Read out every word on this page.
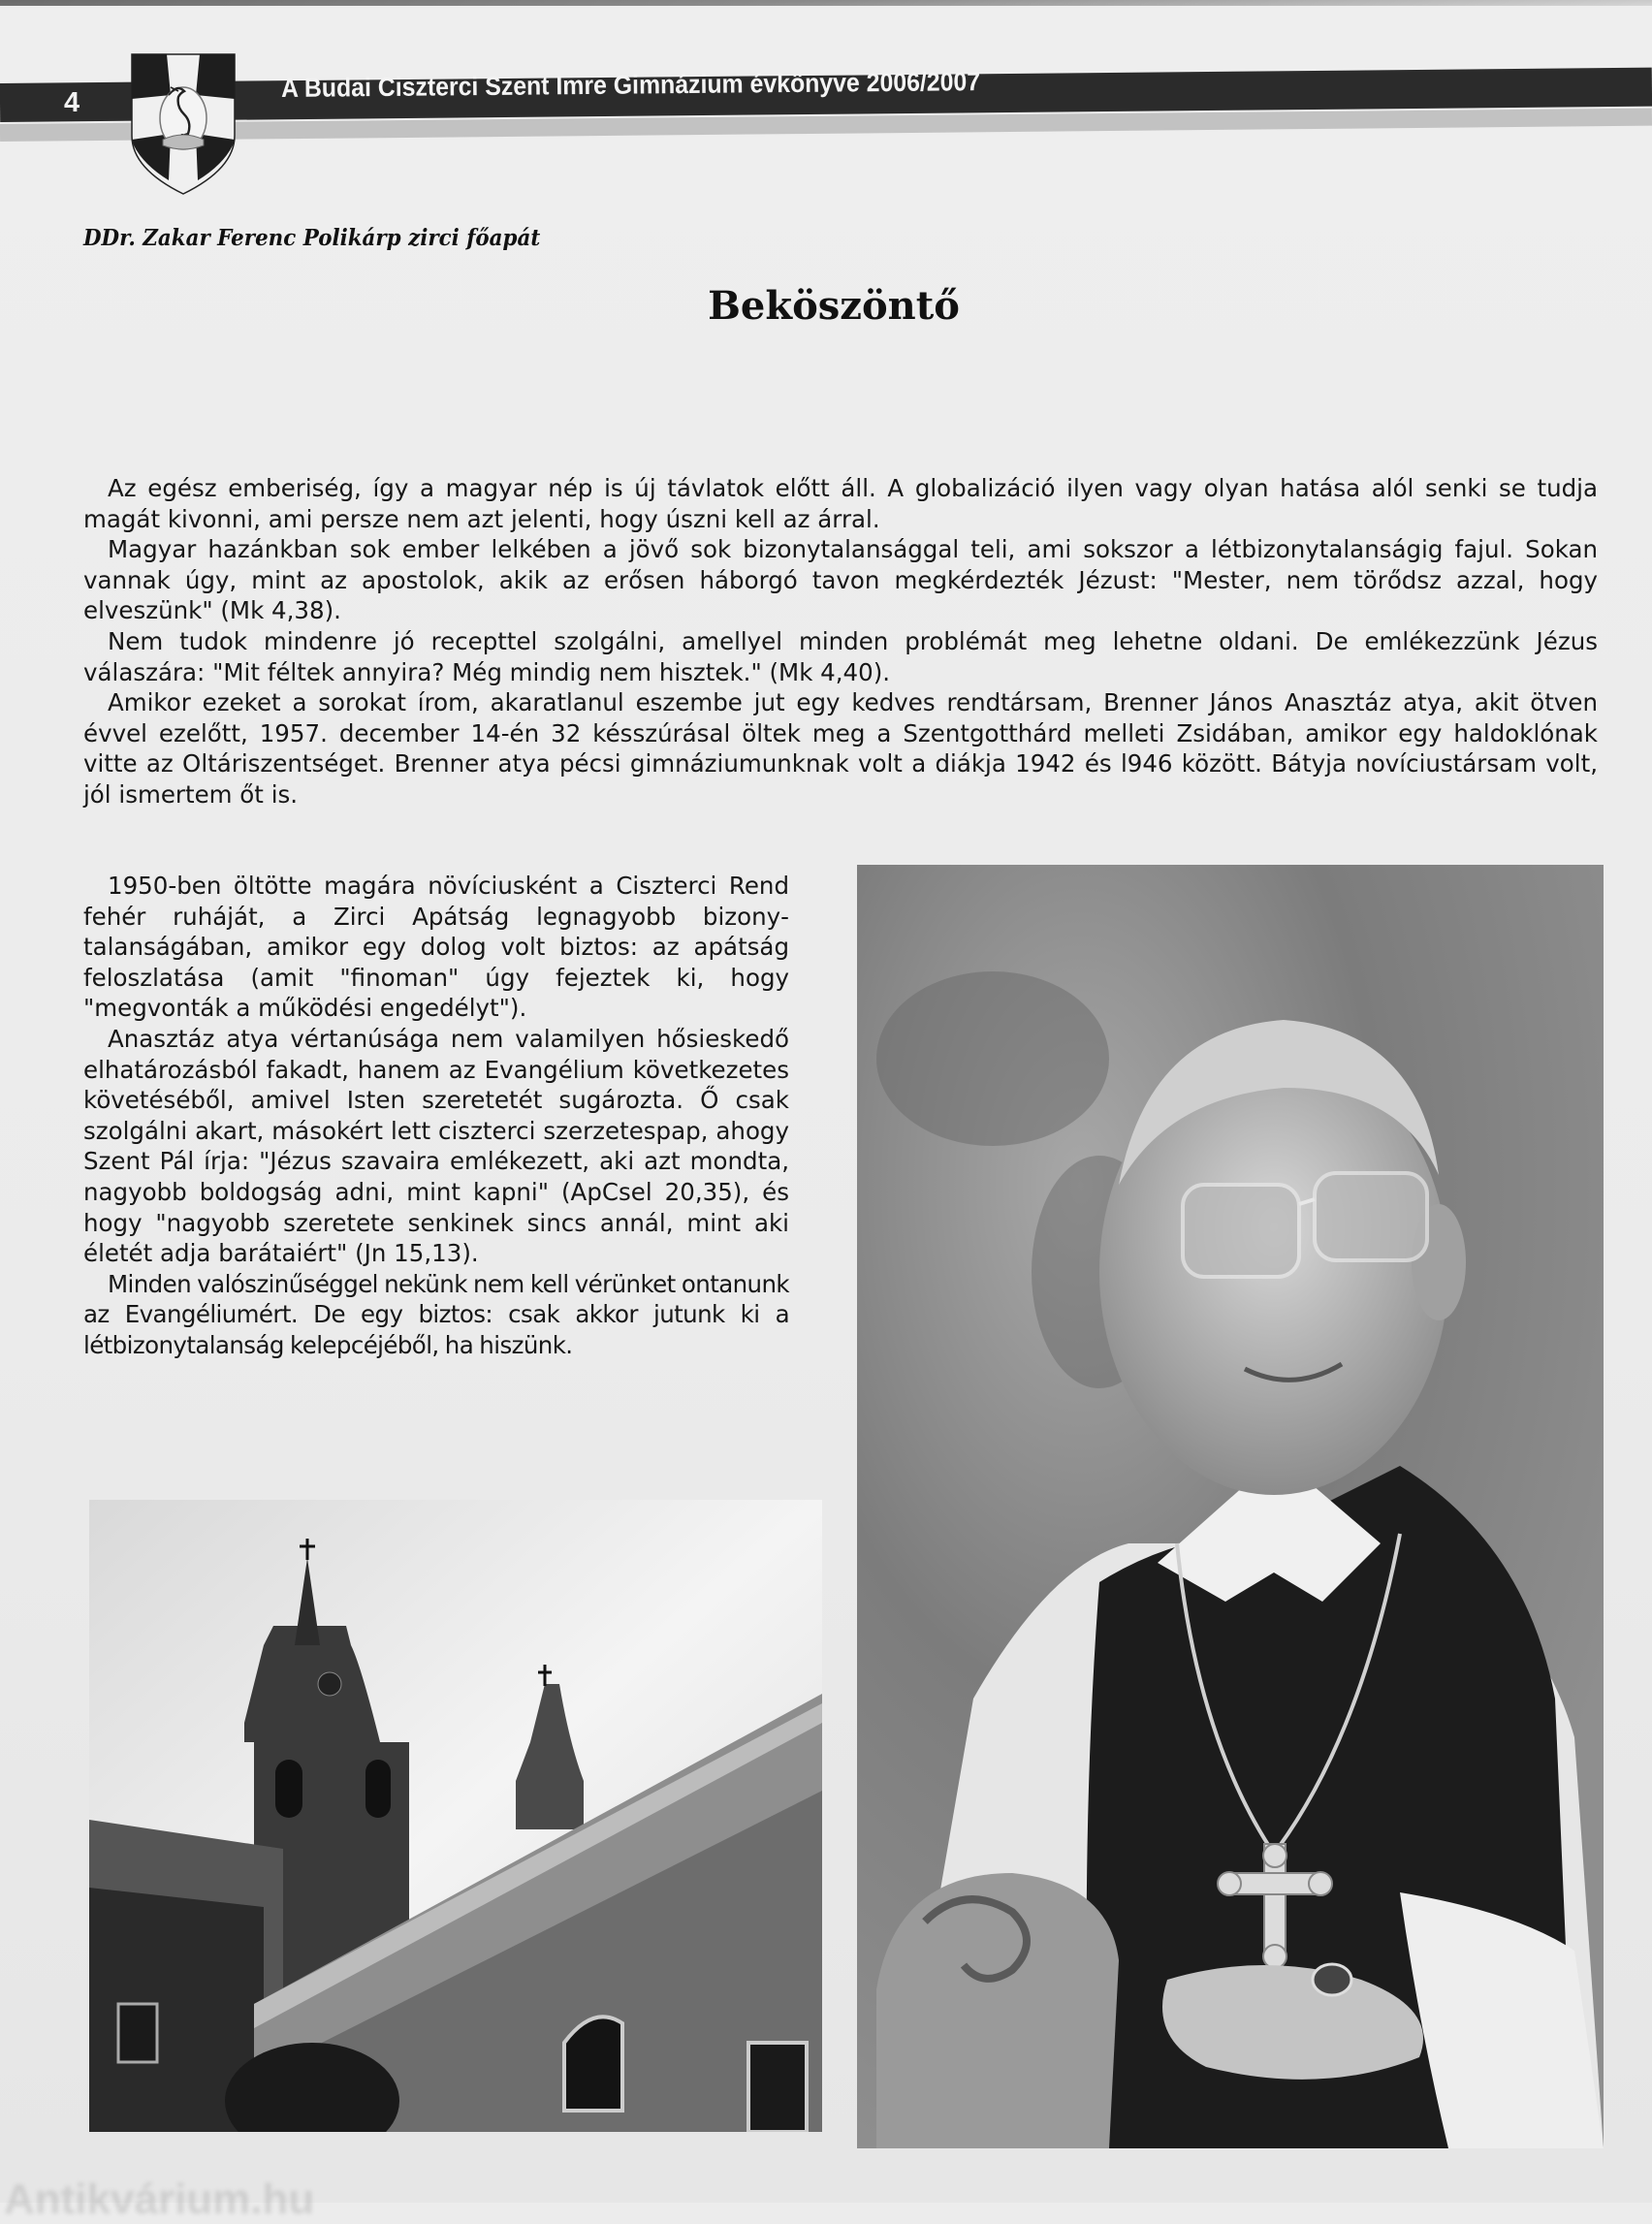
4
A Budai Ciszterci Szent Imre Gimnázium évkönyve 2006/2007
DDr. Zakar Ferenc Polikárp zirci főapát
Beköszöntő

Az egész emberiség, így a magyar nép is új távlatok előtt áll. A globalizáció ilyen vagy olyan hatása alól senki se tudja magát kivonni, ami persze nem azt jelenti, hogy úszni kell az árral.

Magyar hazánkban sok ember lelkében a jövő sok bizonytalansággal teli, ami sokszor a létbizonytalanságig fajul. Sokan vannak úgy, mint az apostolok, akik az erősen háborgó tavon megkérdezték Jézust: "Mester, nem törődsz azzal, hogy elveszünk" (Mk 4,38).

Nem tudok mindenre jó recepttel szolgálni, amellyel minden problémát meg lehetne oldani. De emlékezzünk Jézus válaszára: "Mit féltek annyira? Még mindig nem hisztek." (Mk 4,40).

Amikor ezeket a sorokat írom, akaratlanul eszembe jut egy kedves rendtársam, Brenner János Anasztáz atya, akit ötven évvel ezelőtt, 1957. december 14-én 32 késszúrásal öltek meg a Szentgotthárd melleti Zsidában, amikor egy haldoklónak vitte az Oltáriszentséget. Brenner atya pécsi gimnáziumunknak volt a diákja 1942 és l946 között. Bátyja novíciustársam volt, jól ismertem őt is.

1950-ben öltötte magára növíciusként a Ciszterci Rend fehér ruháját, a Zirci Apátság legnagyobb bizonytalanságában, amikor egy dolog volt biztos: az apátság feloszlatása (amit "finoman" úgy fejeztek ki, hogy "megvonták a működési engedélyt").

Anasztáz atya vértanúsága nem valamilyen hősieskedő elhatározásból fakadt, hanem az Evangélium következetes követéséből, amivel Isten szeretetét sugározta. Ő csak szolgálni akart, másokért lett ciszterci szerzetespap, ahogy Szent Pál írja: "Jézus szavaira emlékezett, aki azt mondta, nagyobb boldogság adni, mint kapni" (ApCsel 20,35), és hogy "nagyobb szeretete senkinek sincs annál, mint aki életét adja barátaiért" (Jn 15,13).

Minden valószinűséggel nekünk nem kell vérünket ontanunk az Evangéliumért. De egy biztos: csak akkor jutunk ki a létbizonytalanság kelepcéjéből, ha hiszünk.

Antikvárium.hu
